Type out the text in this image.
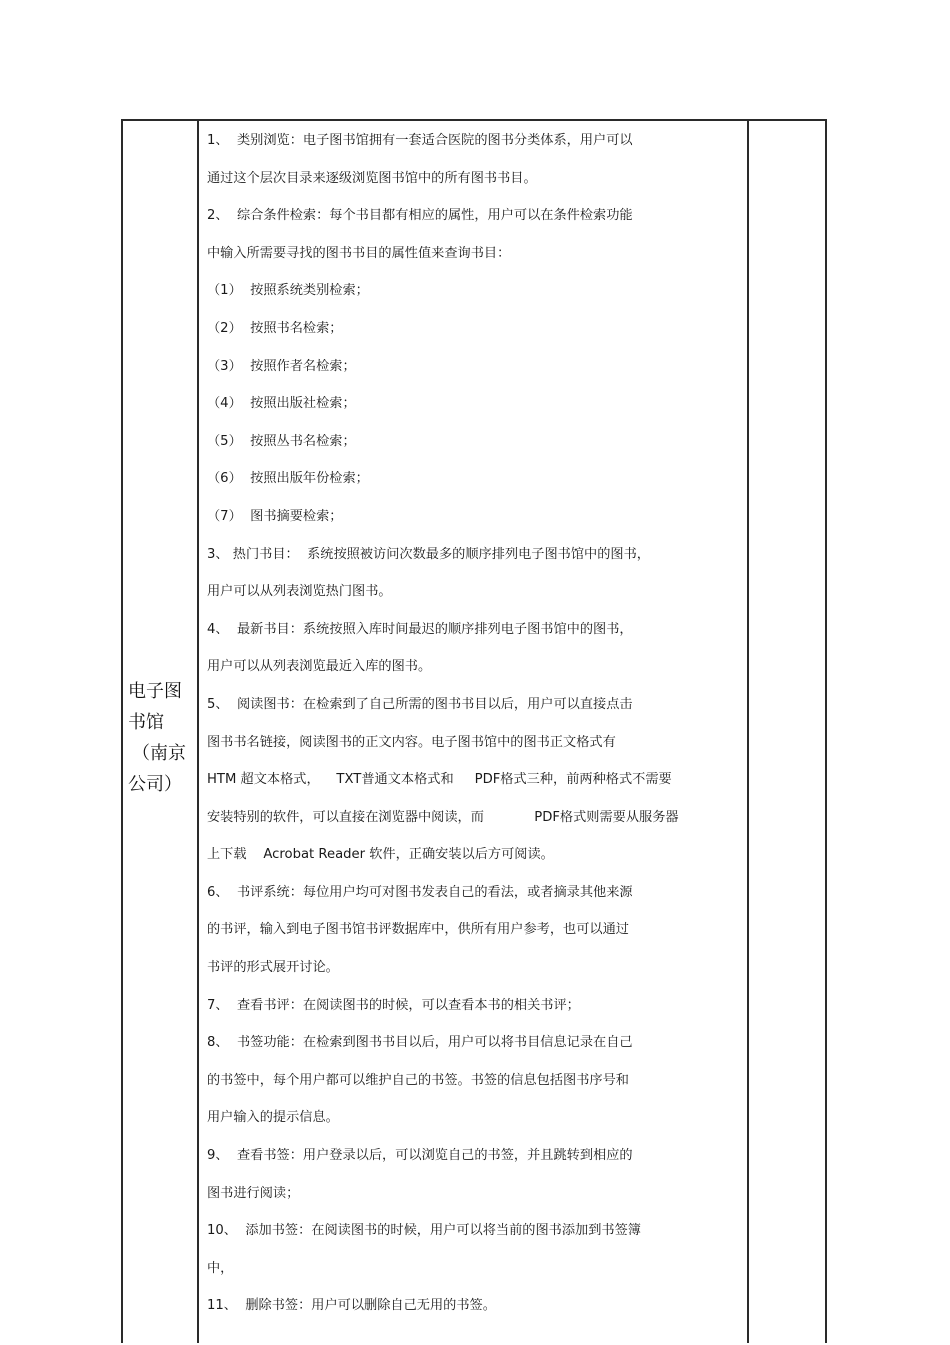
电子图
书馆
（南京
公司）
1、  类别浏览：电子图书馆拥有一套适合医院的图书分类体系，用户可以
通过这个层次目录来逐级浏览图书馆中的所有图书书目。
2、  综合条件检索：每个书目都有相应的属性，用户可以在条件检索功能
中输入所需要寻找的图书书目的属性值来查询书目：
（1）  按照系统类别检索；
（2）  按照书名检索；
（3）  按照作者名检索；
（4）  按照出版社检索；
（5）  按照丛书名检索；
（6）  按照出版年份检索；
（7）  图书摘要检索；
3、 热门书目：  系统按照被访问次数最多的顺序排列电子图书馆中的图书，
用户可以从列表浏览热门图书。
4、  最新书目：系统按照入库时间最迟的顺序排列电子图书馆中的图书，
用户可以从列表浏览最近入库的图书。
5、  阅读图书：在检索到了自己所需的图书书目以后，用户可以直接点击
图书书名链接，阅读图书的正文内容。电子图书馆中的图书正文格式有
HTM 超文本格式，    TXT普通文本格式和     PDF格式三种，前两种格式不需要
安装特别的软件，可以直接在浏览器中阅读，而            PDF格式则需要从服务器
上下载    Acrobat Reader 软件，正确安装以后方可阅读。
6、  书评系统：每位用户均可对图书发表自己的看法，或者摘录其他来源
的书评，输入到电子图书馆书评数据库中，供所有用户参考，也可以通过
书评的形式展开讨论。
7、  查看书评：在阅读图书的时候，可以查看本书的相关书评；
8、  书签功能：在检索到图书书目以后，用户可以将书目信息记录在自己
的书签中，每个用户都可以维护自己的书签。书签的信息包括图书序号和
用户输入的提示信息。
9、  查看书签：用户登录以后，可以浏览自己的书签，并且跳转到相应的
图书进行阅读；
10、  添加书签：在阅读图书的时候，用户可以将当前的图书添加到书签簿
中，
11、  删除书签：用户可以删除自己无用的书签。
